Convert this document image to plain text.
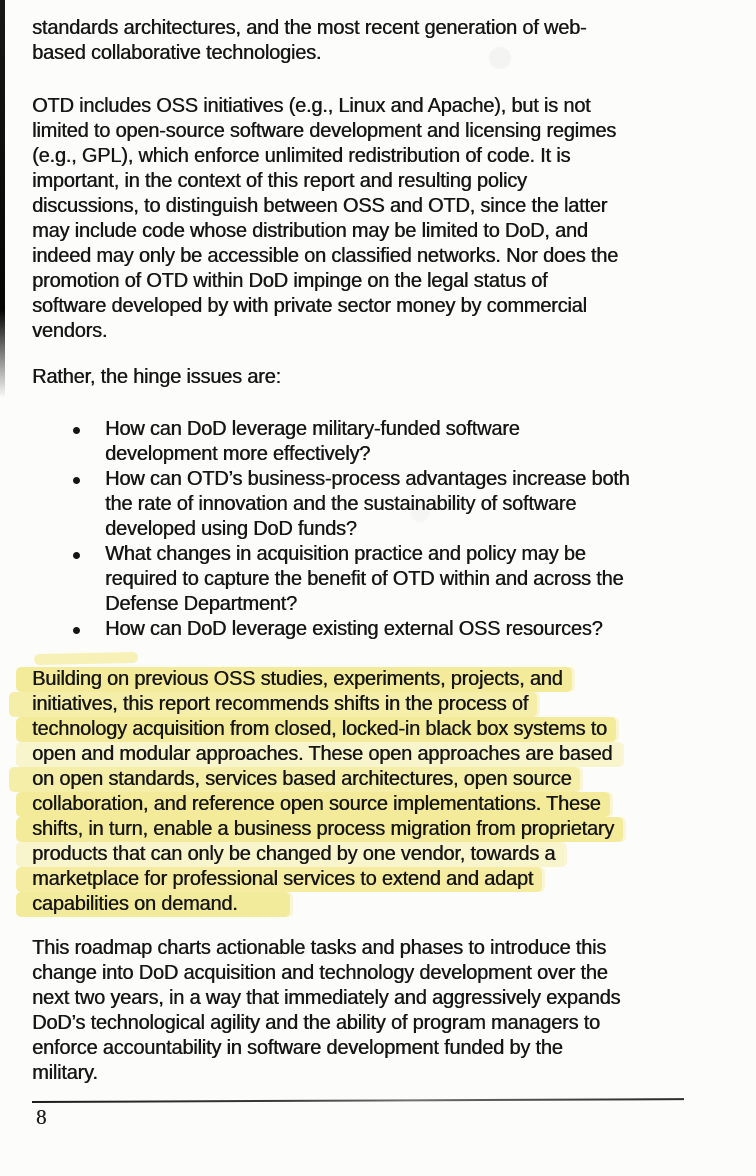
standards architectures, and the most recent generation of web-
based collaborative technologies.
OTD includes OSS initiatives (e.g., Linux and Apache), but is not
limited to open-source software development and licensing regimes
(e.g., GPL), which enforce unlimited redistribution of code. It is
important, in the context of this report and resulting policy
discussions, to distinguish between OSS and OTD, since the latter
may include code whose distribution may be limited to DoD, and
indeed may only be accessible on classified networks. Nor does the
promotion of OTD within DoD impinge on the legal status of
software developed by with private sector money by commercial
vendors.
Rather, the hinge issues are:
How can DoD leverage military-funded software
development more effectively?
How can OTD’s business-process advantages increase both
the rate of innovation and the sustainability of software
developed using DoD funds?
What changes in acquisition practice and policy may be
required to capture the benefit of OTD within and across the
Defense Department?
How can DoD leverage existing external OSS resources?
Building on previous OSS studies, experiments, projects, and
initiatives, this report recommends shifts in the process of
technology acquisition from closed, locked-in black box systems to
open and modular approaches. These open approaches are based
on open standards, services based architectures, open source
collaboration, and reference open source implementations. These
shifts, in turn, enable a business process migration from proprietary
products that can only be changed by one vendor, towards a
marketplace for professional services to extend and adapt
capabilities on demand.
This roadmap charts actionable tasks and phases to introduce this
change into DoD acquisition and technology development over the
next two years, in a way that immediately and aggressively expands
DoD’s technological agility and the ability of program managers to
enforce accountability in software development funded by the
military.
8
